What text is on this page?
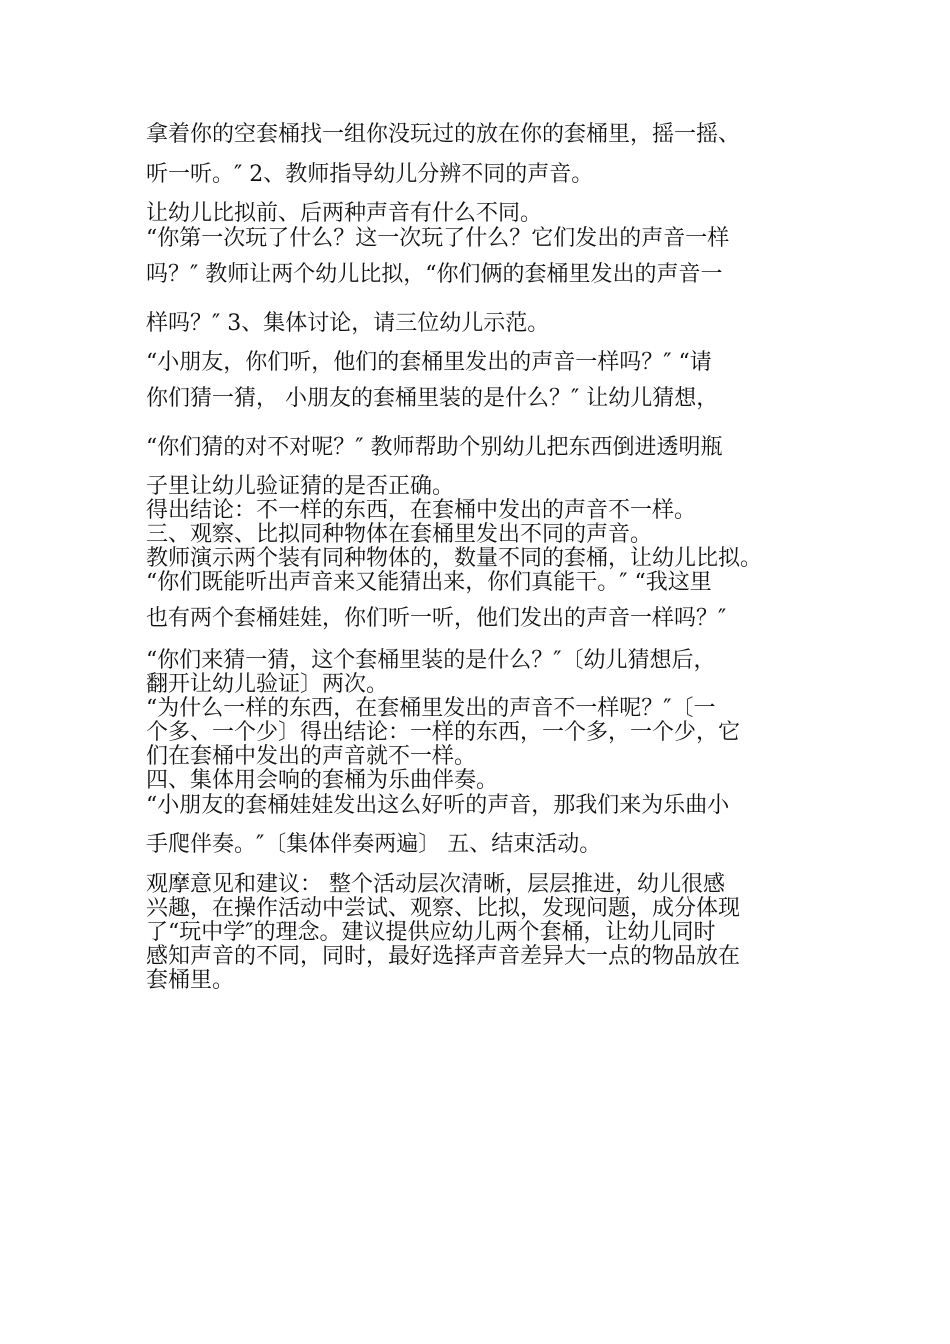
拿着你的空套桶找一组你没玩过的放在你的套桶里，摇一摇、
听一听。″ 2、教师指导幼儿分辨不同的声音。
让幼儿比拟前、后两种声音有什么不同。
“你第一次玩了什么？这一次玩了什么？它们发出的声音一样
吗？″ 教师让两个幼儿比拟，“你们俩的套桶里发出的声音一
样吗？″ 3、集体讨论，请三位幼儿示范。
“小朋友，你们听，他们的套桶里发出的声音一样吗？″ “请
你们猜一猜， 小朋友的套桶里装的是什么？″ 让幼儿猜想，
“你们猜的对不对呢？″ 教师帮助个别幼儿把东西倒进透明瓶
子里让幼儿验证猜的是否正确。
得出结论：不一样的东西，在套桶中发出的声音不一样。
三、观察、比拟同种物体在套桶里发出不同的声音。
教师演示两个装有同种物体的，数量不同的套桶，让幼儿比拟。
“你们既能听出声音来又能猜出来，你们真能干。″ “我这里
也有两个套桶娃娃，你们听一听，他们发出的声音一样吗？″
“你们来猜一猜，这个套桶里装的是什么？″〔幼儿猜想后，
翻开让幼儿验证〕两次。
“为什么一样的东西，在套桶里发出的声音不一样呢？″〔一
个多、一个少〕得出结论：一样的东西，一个多，一个少，它
们在套桶中发出的声音就不一样。
四、集体用会响的套桶为乐曲伴奏。
“小朋友的套桶娃娃发出这么好听的声音，那我们来为乐曲小
手爬伴奏。″〔集体伴奏两遍〕 五、结束活动。
观摩意见和建议： 整个活动层次清晰，层层推进，幼儿很感
兴趣，在操作活动中尝试、观察、比拟，发现问题，成分体现
了“玩中学″的理念。建议提供应幼儿两个套桶，让幼儿同时
感知声音的不同，同时，最好选择声音差异大一点的物品放在
套桶里。
